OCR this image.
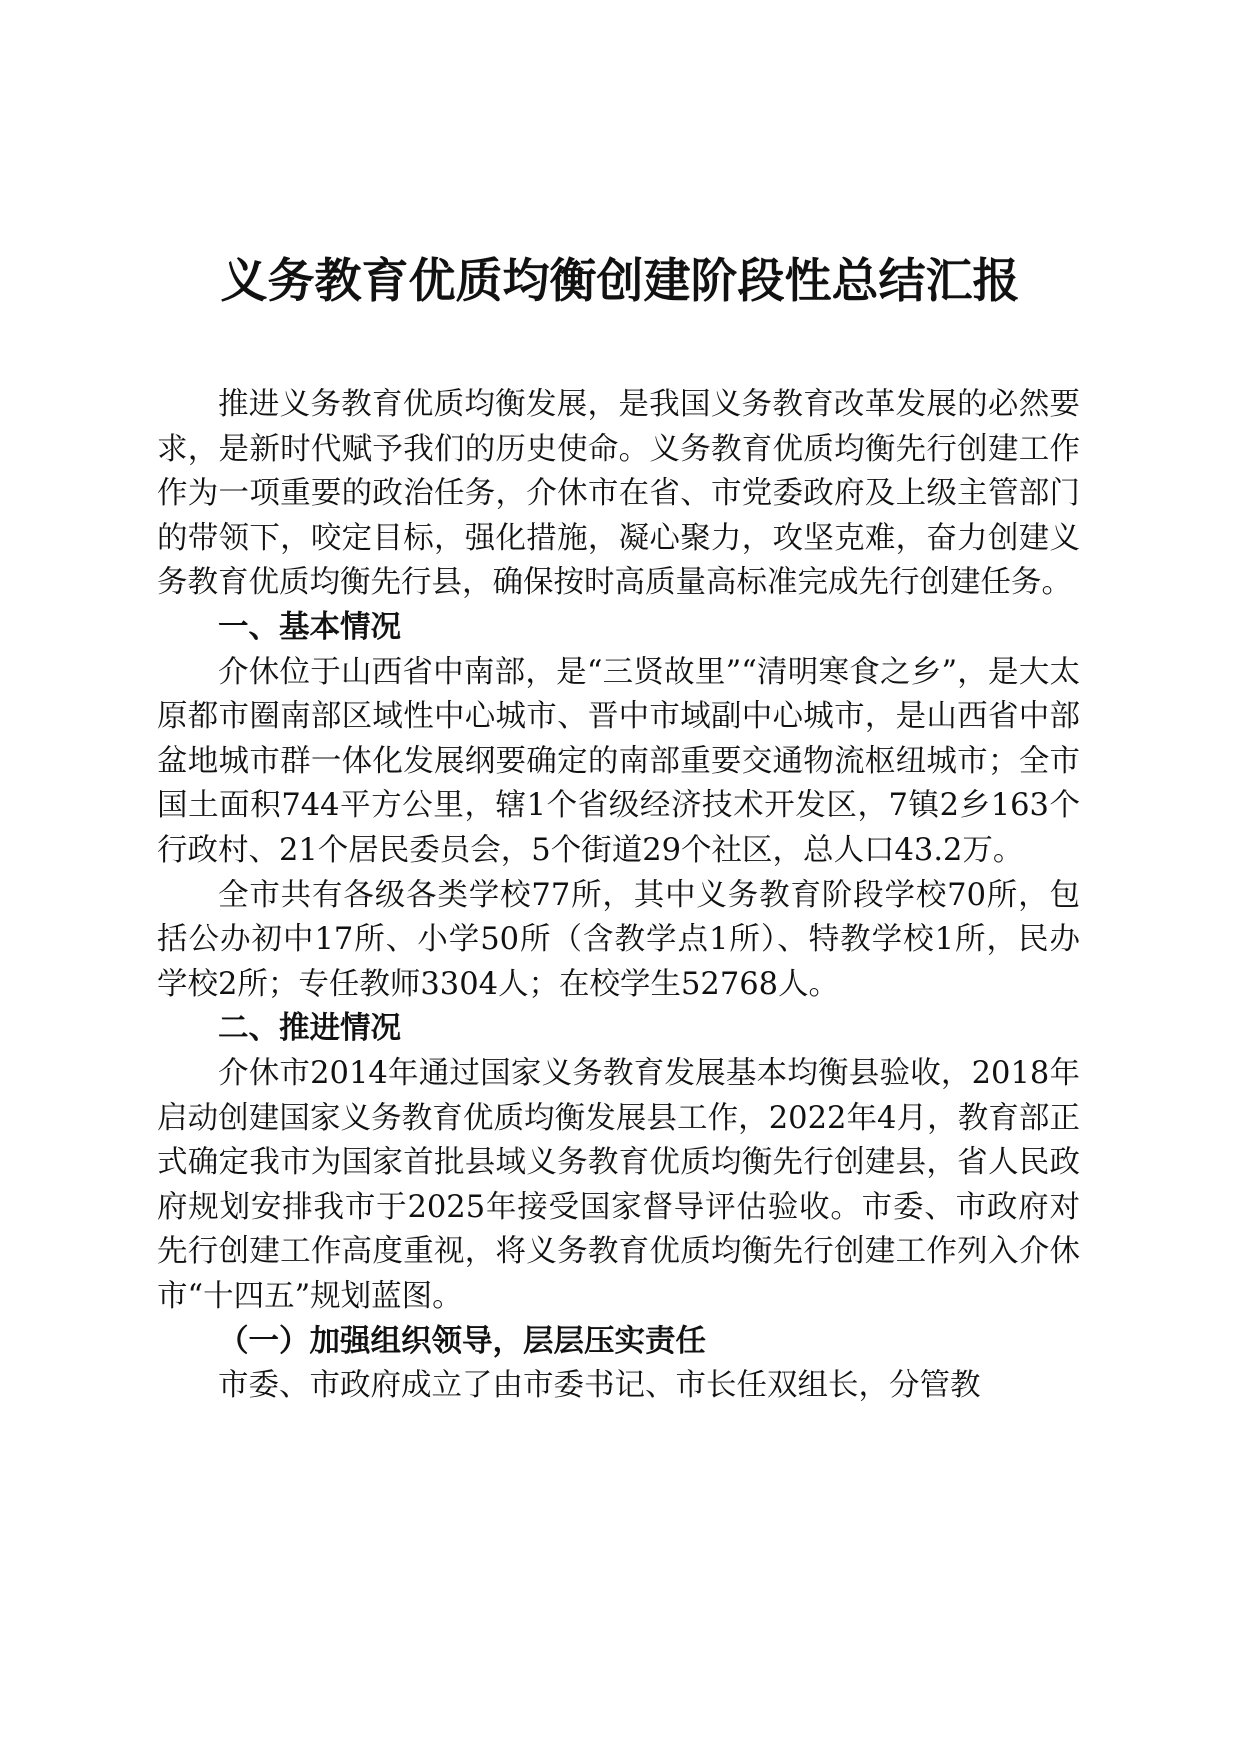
义务教育优质均衡创建阶段性总结汇报

推进义务教育优质均衡发展，是我国义务教育改革发展的必然要求，是新时代赋予我们的历史使命。义务教育优质均衡先行创建工作作为一项重要的政治任务，介休市在省、市党委政府及上级主管部门的带领下，咬定目标，强化措施，凝心聚力，攻坚克难，奋力创建义务教育优质均衡先行县，确保按时高质量高标准完成先行创建任务。

一、基本情况

介休位于山西省中南部，是“三贤故里”“清明寒食之乡”，是大太原都市圈南部区域性中心城市、晋中市域副中心城市，是山西省中部盆地城市群一体化发展纲要确定的南部重要交通物流枢纽城市；全市国土面积744平方公里，辖1个省级经济技术开发区，7镇2乡163个行政村、21个居民委员会，5个街道29个社区，总人口43.2万。

全市共有各级各类学校77所，其中义务教育阶段学校70所，包括公办初中17所、小学50所（含教学点1所）、特教学校1所，民办学校2所；专任教师3304人；在校学生52768人。

二、推进情况

介休市2014年通过国家义务教育发展基本均衡县验收，2018年启动创建国家义务教育优质均衡发展县工作，2022年4月，教育部正式确定我市为国家首批县域义务教育优质均衡先行创建县，省人民政府规划安排我市于2025年接受国家督导评估验收。市委、市政府对先行创建工作高度重视，将义务教育优质均衡先行创建工作列入介休市“十四五”规划蓝图。

（一）加强组织领导，层层压实责任

市委、市政府成立了由市委书记、市长任双组长，分管教
